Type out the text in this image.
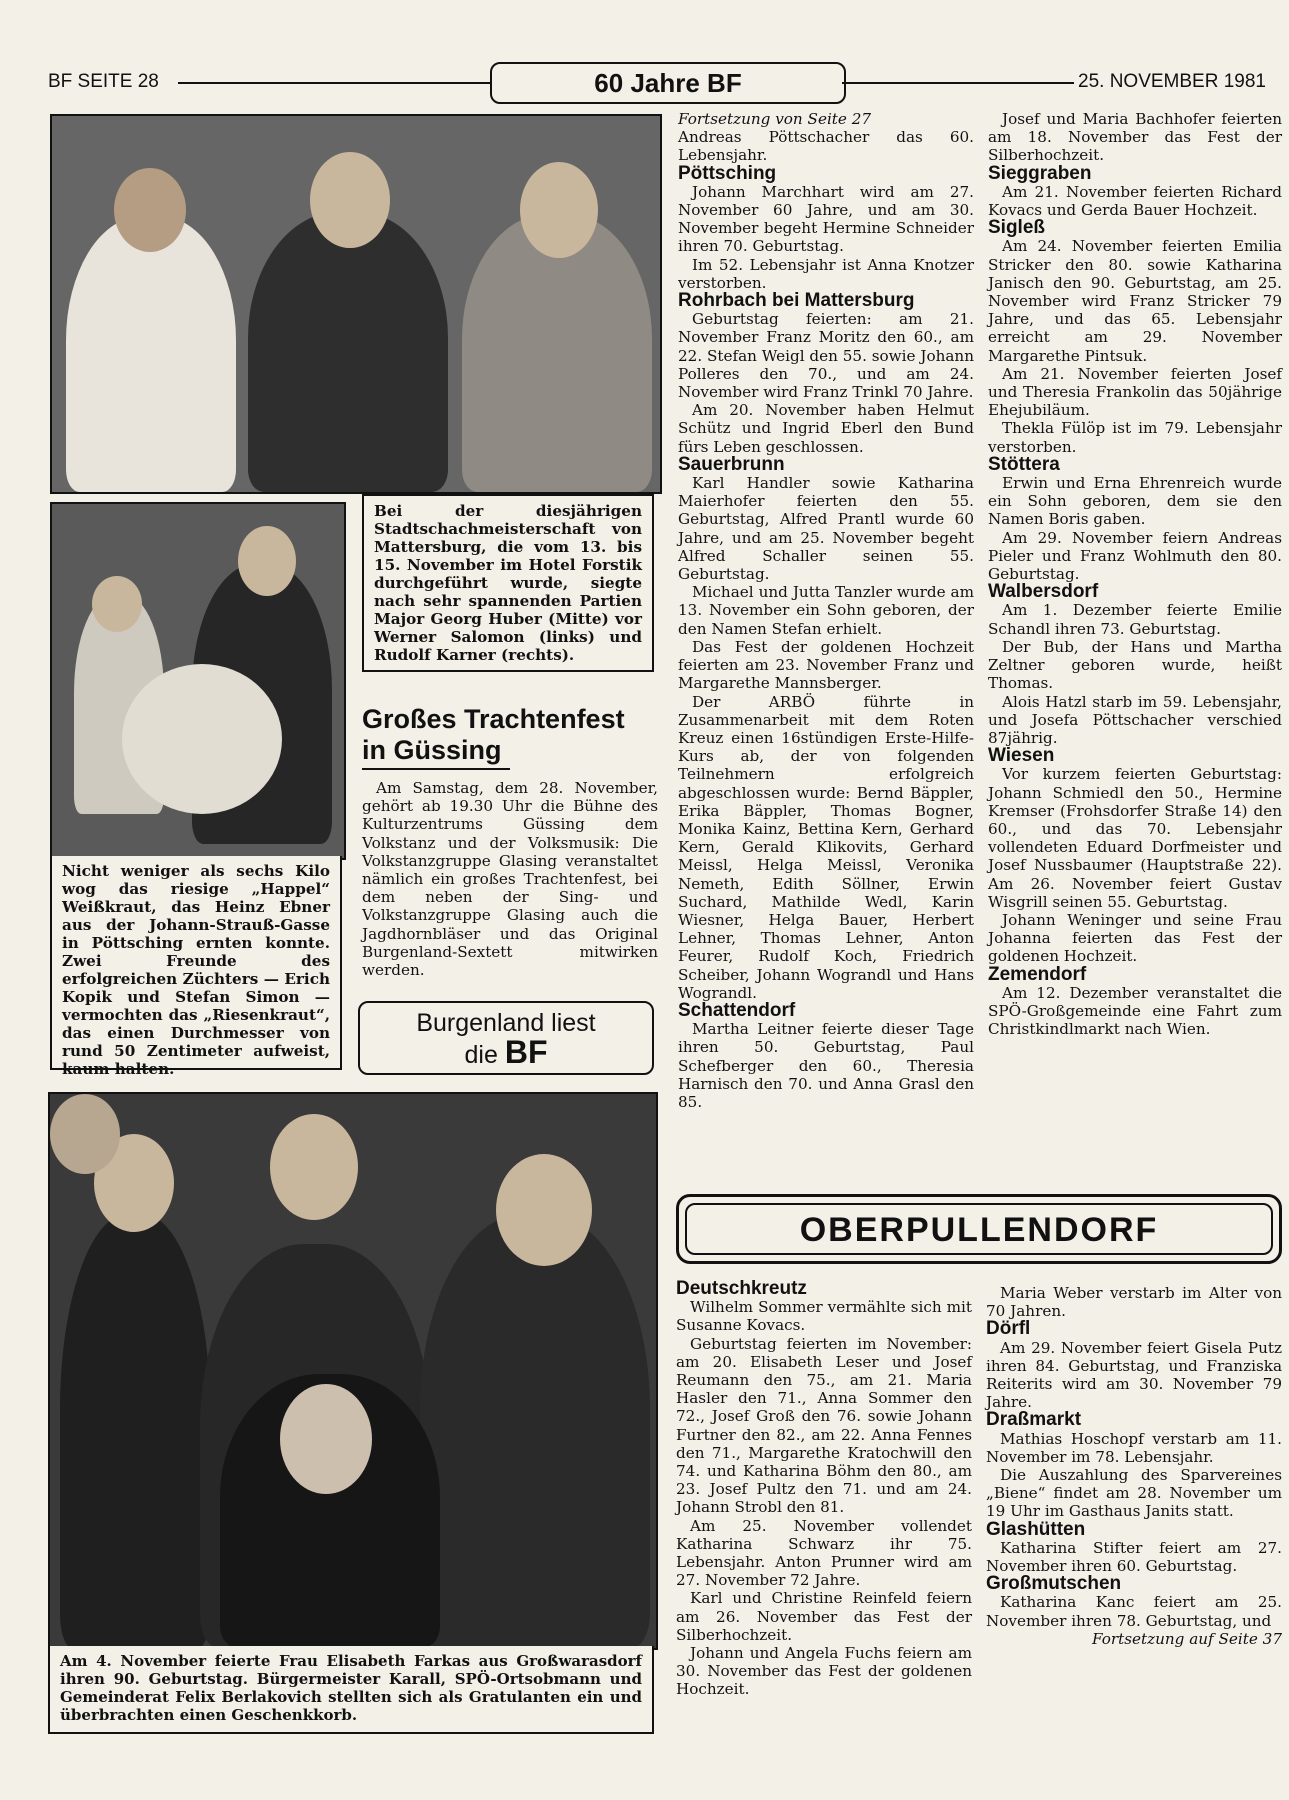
BF SEITE 28	60 Jahre BF	25. NOVEMBER 1981
Bei der diesjährigen Stadtschachmeisterschaft von Mattersburg, die vom 13. bis 15. November im Hotel Forstik durchgeführt wurde, siegte nach sehr spannenden Partien Major Georg Huber (Mitte) vor Werner Salomon (links) und Rudolf Karner (rechts).
Großes Trachtenfest
in Güssing

Am Samstag, dem 28. November, gehört ab 19.30 Uhr die Bühne des Kulturzentrums Güssing dem Volkstanz und der Volksmusik: Die Volkstanzgruppe Glasing veranstaltet nämlich ein großes Trachtenfest, bei dem neben der Sing- und Volkstanzgruppe Glasing auch die Jagdhornbläser und das Original Burgenland-Sextett mitwirken werden.

Nicht weniger als sechs Kilo wog das riesige „Happel“ Weißkraut, das Heinz Ebner aus der Johann-Strauß-Gasse in Pöttsching ernten konnte. Zwei Freunde des erfolgreichen Züchters — Erich Kopik und Stefan Simon — vermochten das „Riesenkraut“, das einen Durchmesser von rund 50 Zentimeter aufweist, kaum halten.
Burgenland liest
die BF
Am 4. November feierte Frau Elisabeth Farkas aus Großwarasdorf ihren 90. Geburtstag. Bürgermeister Karall, SPÖ-Ortsobmann und Gemeinderat Felix Berlakovich stellten sich als Gratulanten ein und überbrachten einen Geschenkkorb.

Fortsetzung von Seite 27

Andreas Pöttschacher das 60. Lebensjahr.

Pöttsching

Johann Marchhart wird am 27. November 60 Jahre, und am 30. November begeht Hermine Schneider ihren 70. Geburtstag.

Im 52. Lebensjahr ist Anna Knotzer verstorben.

Rohrbach bei Mattersburg

Geburtstag feierten: am 21. November Franz Moritz den 60., am 22. Stefan Weigl den 55. sowie Johann Polleres den 70., und am 24. November wird Franz Trinkl 70 Jahre.

Am 20. November haben Helmut Schütz und Ingrid Eberl den Bund fürs Leben geschlossen.

Sauerbrunn

Karl Handler sowie Katharina Maierhofer feierten den 55. Geburtstag, Alfred Prantl wurde 60 Jahre, und am 25. November begeht Alfred Schaller seinen 55. Geburtstag.

Michael und Jutta Tanzler wurde am 13. November ein Sohn geboren, der den Namen Stefan erhielt.

Das Fest der goldenen Hochzeit feierten am 23. November Franz und Margarethe Mannsberger.

Der ARBÖ führte in Zusammenarbeit mit dem Roten Kreuz einen 16stündigen Erste-Hilfe-Kurs ab, der von folgenden Teilnehmern erfolgreich abgeschlossen wurde: Bernd Bäppler, Erika Bäppler, Thomas Bogner, Monika Kainz, Bettina Kern, Gerhard Kern, Gerald Klikovits, Gerhard Meissl, Helga Meissl, Veronika Nemeth, Edith Söllner, Erwin Suchard, Mathilde Wedl, Karin Wiesner, Helga Bauer, Herbert Lehner, Thomas Lehner, Anton Feurer, Rudolf Koch, Friedrich Scheiber, Johann Wograndl und Hans Wograndl.

Schattendorf

Martha Leitner feierte dieser Tage ihren 50. Geburtstag, Paul Schefberger den 60., Theresia Harnisch den 70. und Anna Grasl den 85.

Josef und Maria Bachhofer feierten am 18. November das Fest der Silberhochzeit.

Sieggraben

Am 21. November feierten Richard Kovacs und Gerda Bauer Hochzeit.

Sigleß

Am 24. November feierten Emilia Stricker den 80. sowie Katharina Janisch den 90. Geburtstag, am 25. November wird Franz Stricker 79 Jahre, und das 65. Lebensjahr erreicht am 29. November Margarethe Pintsuk.

Am 21. November feierten Josef und Theresia Frankolin das 50jährige Ehejubiläum.

Thekla Fülöp ist im 79. Lebensjahr verstorben.

Stöttera

Erwin und Erna Ehrenreich wurde ein Sohn geboren, dem sie den Namen Boris gaben.

Am 29. November feiern Andreas Pieler und Franz Wohlmuth den 80. Geburtstag.

Walbersdorf

Am 1. Dezember feierte Emilie Schandl ihren 73. Geburtstag.

Der Bub, der Hans und Martha Zeltner geboren wurde, heißt Thomas.

Alois Hatzl starb im 59. Lebensjahr, und Josefa Pöttschacher verschied 87jährig.

Wiesen

Vor kurzem feierten Geburtstag: Johann Schmiedl den 50., Hermine Kremser (Frohsdorfer Straße 14) den 60., und das 70. Lebensjahr vollendeten Eduard Dorfmeister und Josef Nussbaumer (Hauptstraße 22). Am 26. November feiert Gustav Wisgrill seinen 55. Geburtstag.

Johann Weninger und seine Frau Johanna feierten das Fest der goldenen Hochzeit.

Zemendorf

Am 12. Dezember veranstaltet die SPÖ-Großgemeinde eine Fahrt zum Christkindlmarkt nach Wien.

OBERPULLENDORF

Deutschkreutz

Wilhelm Sommer vermählte sich mit Susanne Kovacs.

Geburtstag feierten im November: am 20. Elisabeth Leser und Josef Reumann den 75., am 21. Maria Hasler den 71., Anna Sommer den 72., Josef Groß den 76. sowie Johann Furtner den 82., am 22. Anna Fennes den 71., Margarethe Kratochwill den 74. und Katharina Böhm den 80., am 23. Josef Pultz den 71. und am 24. Johann Strobl den 81.

Am 25. November vollendet Katharina Schwarz ihr 75. Lebensjahr. Anton Prunner wird am 27. November 72 Jahre.

Karl und Christine Reinfeld feiern am 26. November das Fest der Silberhochzeit.

Johann und Angela Fuchs feiern am 30. November das Fest der goldenen Hochzeit.

Maria Weber verstarb im Alter von 70 Jahren.

Dörfl

Am 29. November feiert Gisela Putz ihren 84. Geburtstag, und Franziska Reiterits wird am 30. November 79 Jahre.

Draßmarkt

Mathias Hoschopf verstarb am 11. November im 78. Lebensjahr.

Die Auszahlung des Sparvereines „Biene“ findet am 28. November um 19 Uhr im Gasthaus Janits statt.

Glashütten

Katharina Stifter feiert am 27. November ihren 60. Geburtstag.

Großmutschen

Katharina Kanc feiert am 25. November ihren 78. Geburtstag, und

Fortsetzung auf Seite 37
